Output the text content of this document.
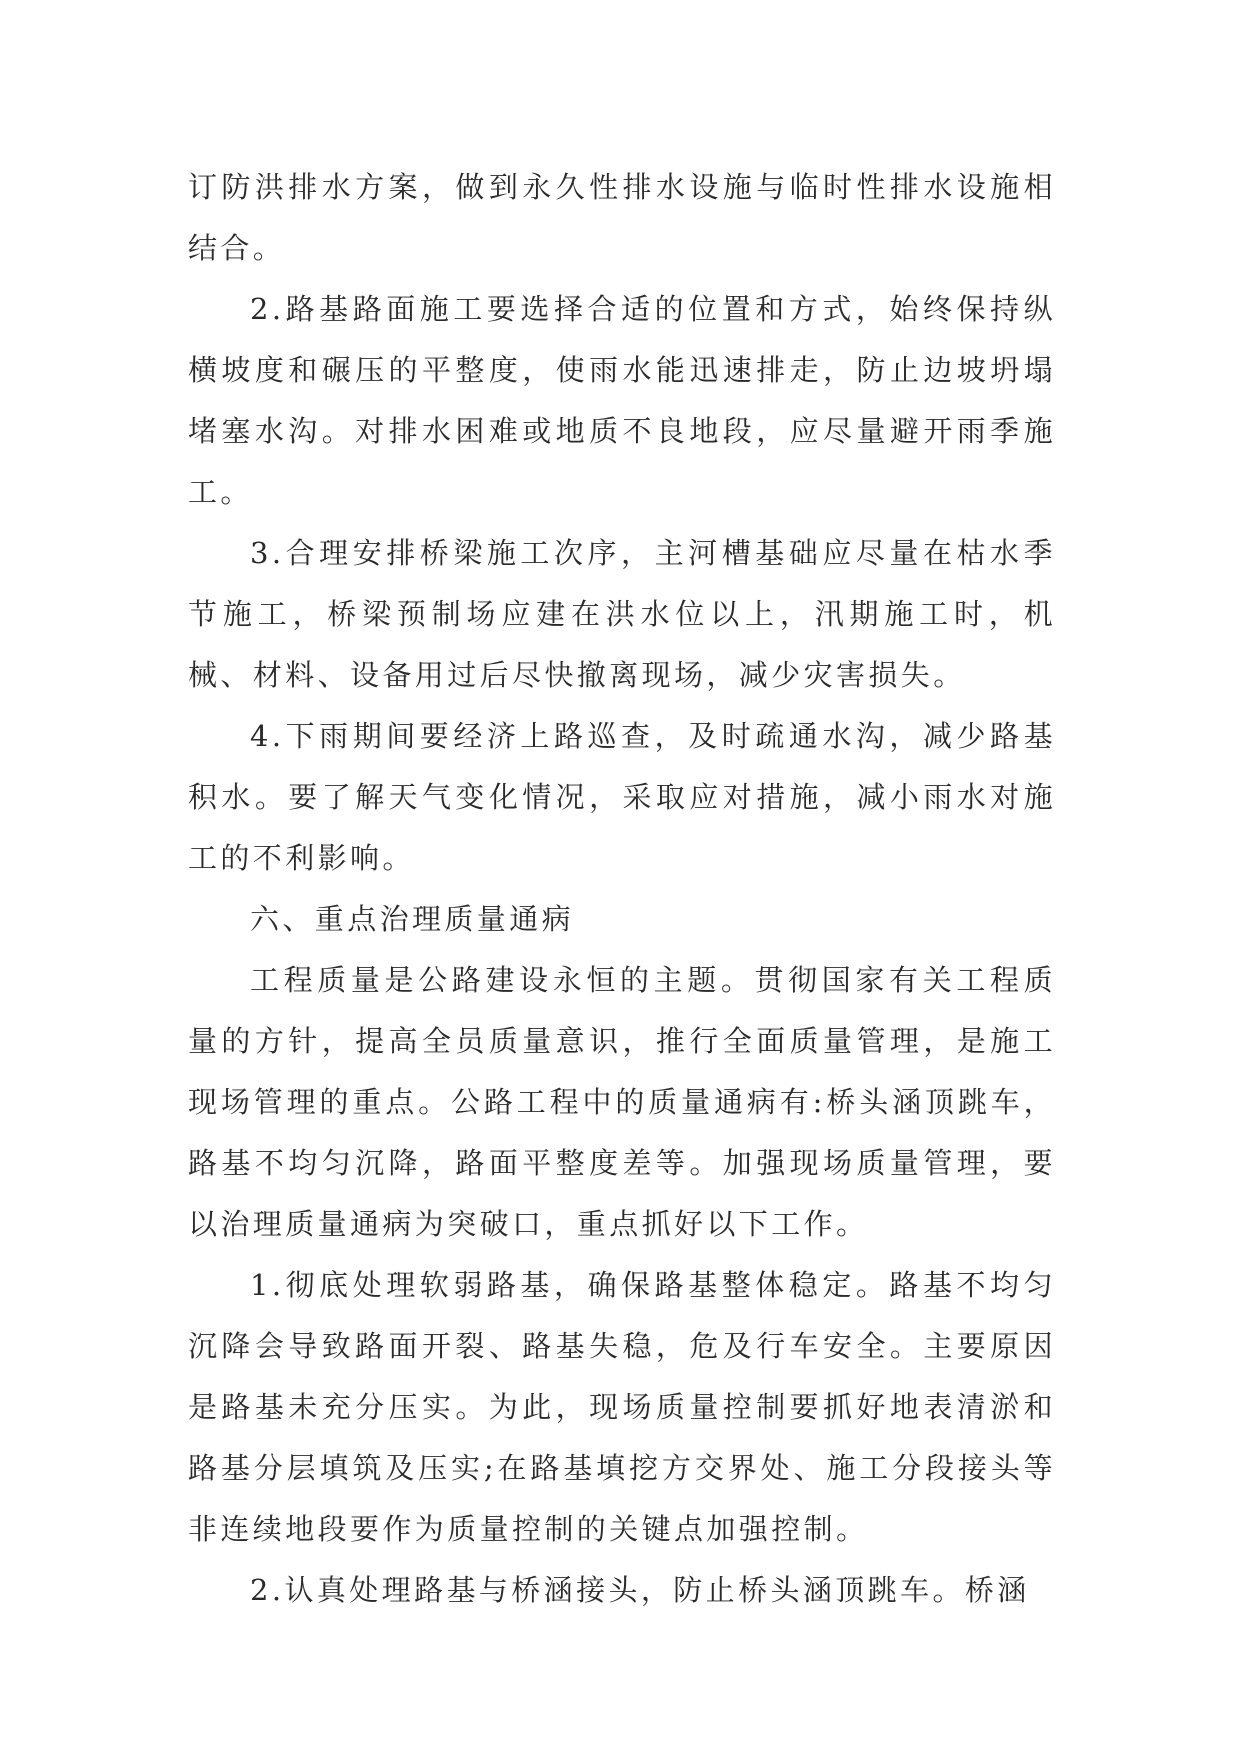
订防洪排水方案，做到永久性排水设施与临时性排水设施相结合。

2.路基路面施工要选择合适的位置和方式，始终保持纵横坡度和碾压的平整度，使雨水能迅速排走，防止边坡坍塌堵塞水沟。对排水困难或地质不良地段，应尽量避开雨季施工。

3.合理安排桥梁施工次序，主河槽基础应尽量在枯水季节施工，桥梁预制场应建在洪水位以上，汛期施工时，机械、材料、设备用过后尽快撤离现场，减少灾害损失。

4.下雨期间要经济上路巡查，及时疏通水沟，减少路基积水。要了解天气变化情况，采取应对措施，减小雨水对施工的不利影响。

六、重点治理质量通病

工程质量是公路建设永恒的主题。贯彻国家有关工程质量的方针，提高全员质量意识，推行全面质量管理，是施工现场管理的重点。公路工程中的质量通病有:桥头涵顶跳车，路基不均匀沉降，路面平整度差等。加强现场质量管理，要以治理质量通病为突破口，重点抓好以下工作。

1.彻底处理软弱路基，确保路基整体稳定。路基不均匀沉降会导致路面开裂、路基失稳，危及行车安全。主要原因是路基未充分压实。为此，现场质量控制要抓好地表清淤和路基分层填筑及压实;在路基填挖方交界处、施工分段接头等非连续地段要作为质量控制的关键点加强控制。

2.认真处理路基与桥涵接头，防止桥头涵顶跳车。桥涵
